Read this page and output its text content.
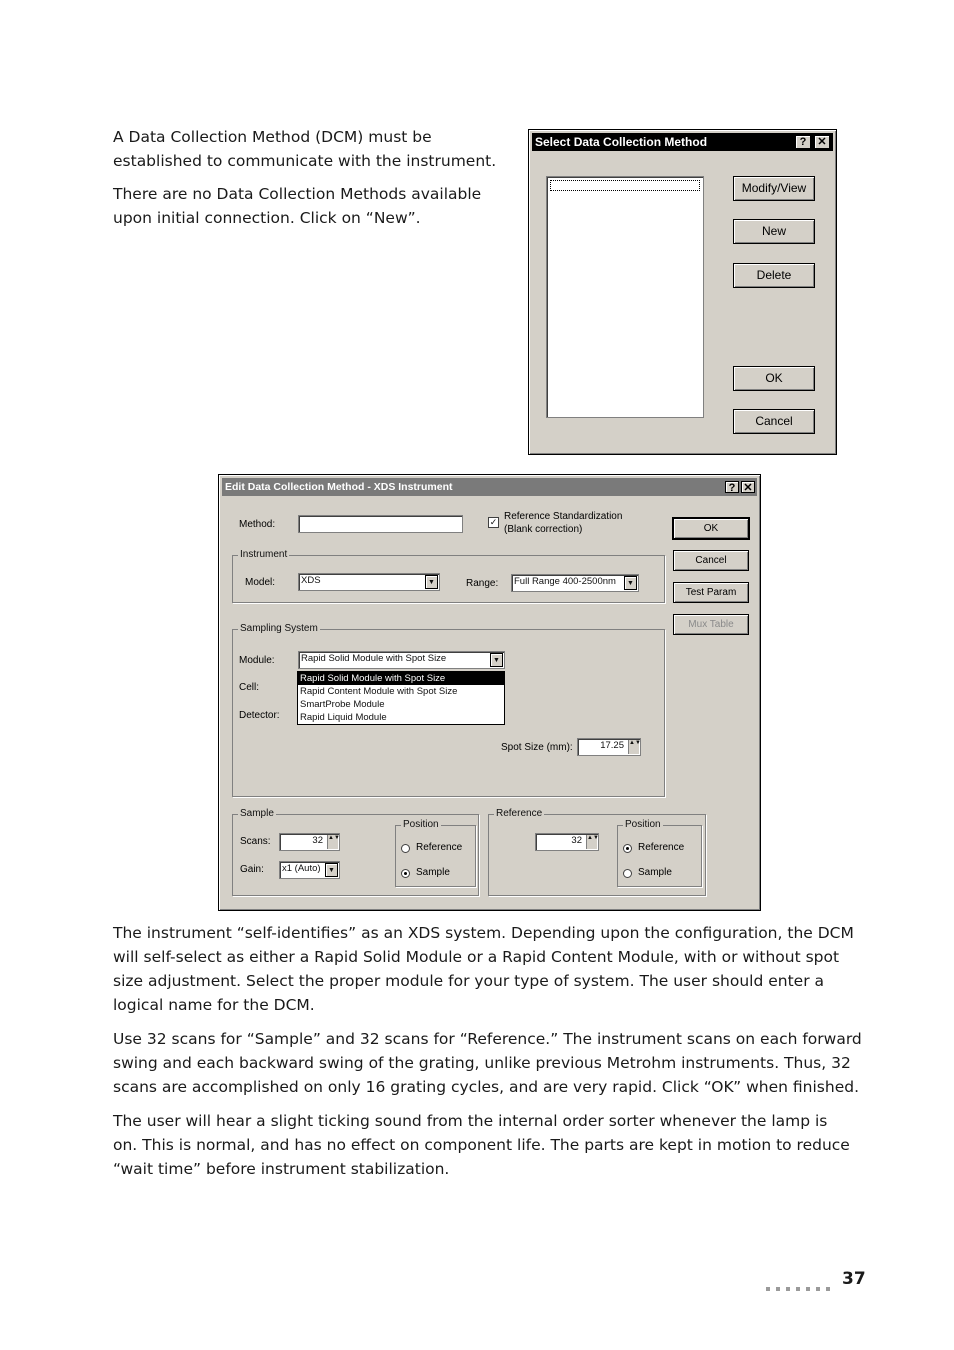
A Data Collection Method (DCM) must be established to communicate with the instrument.

There are no Data Collection Methods available upon initial connection. Click on “New”.

Select Data Collection Method	?	✕
Modify/View
New
Delete
OK
Cancel
Edit Data Collection Method - XDS Instrument	? ✕
Method:	✓ Reference Standardization
(Blank correction)	OK
Cancel
Test Param
Mux Table
Instrument
Model:	XDS	▼	Range: Full Range 400-2500nm	▼
Sampling System
Module:	Rapid Solid Module with Spot Size	▼
Cell:
Detector:
Spot Size (mm):	17.25 ▲▼
Rapid Solid Module with Spot Size
Rapid Content Module with Spot Size
SmartProbe Module
Rapid Liquid Module
Sample
Scans:	32 ▲▼
Gain: x1 (Auto)	▼
Position
Reference
Sample
Reference
32 ▲▼
Position
Reference
Sample

The instrument “self-identifies” as an XDS system. Depending upon the configuration, the DCM will self-select as either a Rapid Solid Module or a Rapid Content Module, with or without spot size adjustment. Select the proper module for your type of system. The user should enter a logical name for the DCM.

Use 32 scans for “Sample” and 32 scans for “Reference.” The instrument scans on each forward swing and each backward swing of the grating, unlike previous Metrohm instruments. Thus, 32 scans are accomplished on only 16 grating cycles, and are very rapid. Click “OK” when finished.

The user will hear a slight ticking sound from the internal order sorter whenever the lamp is on. This is normal, and has no effect on component life. The parts are kept in motion to reduce “wait time” before instrument stabilization.

37
